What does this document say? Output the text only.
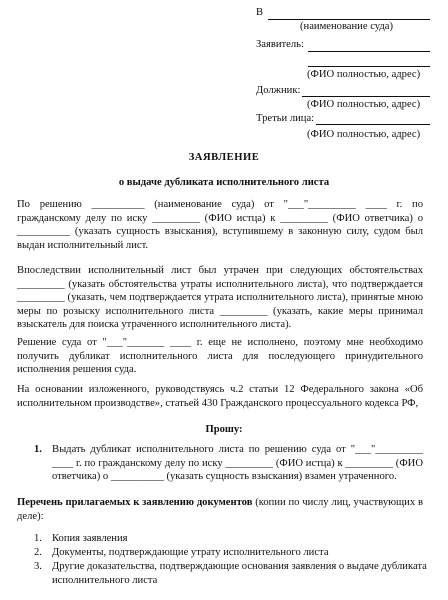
В
(наименование суда)
Заявитель:
(ФИО полностью, адрес)
Должник:
(ФИО полностью, адрес)
Третьи лица:
(ФИО полностью, адрес)
ЗАЯВЛЕНИЕ
о выдаче дубликата исполнительного листа
По решению __________ (наименование суда) от "___"_________ ____ г. по гражданскому делу по иску _________ (ФИО истца) к _________ (ФИО ответчика) о __________ (указать сущность взыскания), вступившему в законную силу, судом был выдан исполнительный лист.
Впоследствии исполнительный лист был утрачен при следующих обстоятельствах _________ (указать обстоятельства утраты исполнительного листа), что подтверждается _________ (указать, чем подтверждается утрата исполнительного листа), принятые мною меры по розыску исполнительного листа _________ (указать, какие меры принимал взыскатель для поиска утраченного исполнительного листа).
Решение суда от "___"_______ ____ г. еще не исполнено, поэтому мне необходимо получить дубликат исполнительного листа для последующего принудительного исполнения решения суда.
На основании изложенного, руководствуясь ч.2 статьи 12 Федерального закона «Об исполнительном производстве», статьей 430 Гражданского процессуального кодекса РФ,
Прошу:
1. Выдать дубликат исполнительного листа по решению суда от "___"_________ ____ г. по гражданскому делу по иску _________ (ФИО истца) к _________ (ФИО ответчика) о __________ (указать сущность взыскания) взамен утраченного.
Перечень прилагаемых к заявлению документов (копии по числу лиц, участвующих в деле):
1. Копия заявления
2. Документы, подтверждающие утрату исполнительного листа
3. Другие доказательства, подтверждающие основания заявления о выдаче дубликата
исполнительного листа
